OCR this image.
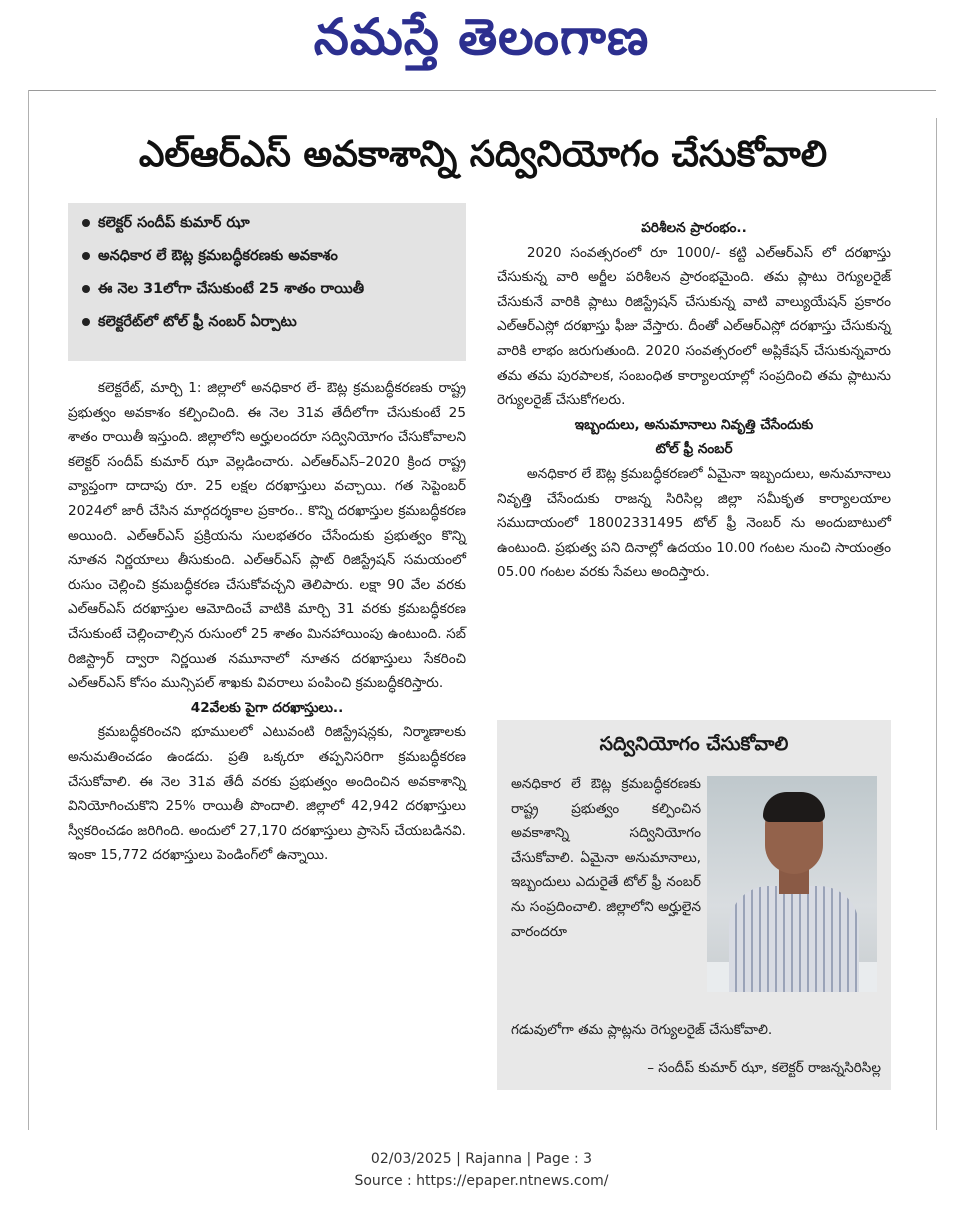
నమస్తే తెలంగాణ
ఎల్‌ఆర్‌ఎస్ అవకాశాన్ని సద్వినియోగం చేసుకోవాలి
కలెక్టర్ సందీప్ కుమార్ ఝా
అనధికార లే ఔట్ల క్రమబద్ధీకరణకు అవకాశం
ఈ నెల 31లోగా చేసుకుంటే 25 శాతం రాయితీ
కలెక్టరేట్‌లో టోల్ ఫ్రీ నంబర్ ఏర్పాటు

కలెక్టరేట్, మార్చి 1: జిల్లాలో అనధికార లే- ఔట్ల క్రమబద్ధీకరణకు రాష్ట్ర ప్రభుత్వం అవకాశం కల్పించింది. ఈ నెల 31వ తేదీలోగా చేసుకుంటే 25 శాతం రాయితీ ఇస్తుంది. జిల్లాలోని అర్హులందరూ సద్వినియోగం చేసుకోవాలని కలెక్టర్ సందీప్ కుమార్ ఝా వెల్లడించారు. ఎల్‌ఆర్‌ఎస్–2020 క్రింద రాష్ట్ర వ్యాప్తంగా దాదాపు రూ. 25 లక్షల దరఖాస్తులు వచ్చాయి. గత సెప్టెంబర్ 2024లో జారీ చేసిన మార్గదర్శకాల ప్రకారం.. కొన్ని దరఖాస్తుల క్రమబద్ధీకరణ అయింది. ఎల్‌ఆర్‌ఎస్ ప్రక్రియను సులభతరం చేసేందుకు ప్రభుత్వం కొన్ని నూతన నిర్ణయాలు తీసుకుంది. ఎల్‌ఆర్‌ఎస్ ప్లాట్ రిజిస్ట్రేషన్ సమయంలో రుసుం చెల్లించి క్రమబద్ధీకరణ చేసుకోవచ్చని తెలిపారు. లక్షా 90 వేల వరకు ఎల్‌ఆర్‌ఎస్ దరఖాస్తుల ఆమోదించే వాటికి మార్చి 31 వరకు క్రమబద్ధీకరణ చేసుకుంటే చెల్లించాల్సిన రుసుంలో 25 శాతం మినహాయింపు ఉంటుంది. సబ్ రిజిస్ట్రార్ ద్వారా నిర్ణయిత నమూనాలో నూతన దరఖాస్తులు సేకరించి ఎల్‌ఆర్‌ఎస్ కోసం మున్సిపల్ శాఖకు వివరాలు పంపించి క్రమబద్ధీకరిస్తారు.

42వేలకు పైగా దరఖాస్తులు..

క్రమబద్ధీకరించని భూములలో ఎటువంటి రిజిస్ట్రేషన్లకు, నిర్మాణాలకు అనుమతించడం ఉండదు. ప్రతి ఒక్కరూ తప్పనిసరిగా క్రమబద్ధీకరణ చేసుకోవాలి. ఈ నెల 31వ తేదీ వరకు ప్రభుత్వం అందించిన అవకాశాన్ని వినియోగించుకొని 25% రాయితీ పొందాలి. జిల్లాలో 42,942 దరఖాస్తులు స్వీకరించడం జరిగింది. అందులో 27,170 దరఖాస్తులు ప్రాసెస్ చేయబడినవి. ఇంకా 15,772 దరఖాస్తులు పెండింగ్‌లో ఉన్నాయి.

పరిశీలన ప్రారంభం..

2020 సంవత్సరంలో రూ 1000/- కట్టి ఎల్‌ఆర్‌ఎస్ లో దరఖాస్తు చేసుకున్న వారి అర్జీల పరిశీలన ప్రారంభమైంది. తమ ప్లాటు రెగ్యులరైజ్ చేసుకునే వారికి ప్లాటు రిజిస్ట్రేషన్ చేసుకున్న వాటి వాల్యుయేషన్ ప్రకారం ఎల్‌ఆర్‌ఎస్లో దరఖాస్తు ఫీజు వేస్తారు. దీంతో ఎల్‌ఆర్‌ఎస్లో దరఖాస్తు చేసుకున్న వారికి లాభం జరుగుతుంది. 2020 సంవత్సరంలో అప్లికేషన్ చేసుకున్నవారు తమ తమ పురపాలక, సంబంధిత కార్యాలయాల్లో సంప్రదించి తమ ప్లాటును రెగ్యులరైజ్ చేసుకోగలరు.

ఇబ్బందులు, అనుమానాలు నివృత్తి చేసేందుకు

టోల్ ఫ్రీ నంబర్

అనధికార లే ఔట్ల క్రమబద్ధీకరణలో ఏమైనా ఇబ్బందులు, అనుమానాలు నివృత్తి చేసేందుకు రాజన్న సిరిసిల్ల జిల్లా సమీకృత కార్యాలయాల సముదాయంలో 18002331495 టోల్ ఫ్రీ నెంబర్ ను అందుబాటులో ఉంటుంది. ప్రభుత్వ పని దినాల్లో ఉదయం 10.00 గంటల నుంచి సాయంత్రం 05.00 గంటల వరకు సేవలు అందిస్తారు.

సద్వినియోగం చేసుకోవాలి
అనధికార లే ఔట్ల క్రమబద్ధీకరణకు రాష్ట్ర ప్రభుత్వం కల్పించిన అవకాశాన్ని సద్వినియోగం చేసుకోవాలి. ఏమైనా అనుమానాలు, ఇబ్బందులు ఎదురైతే టోల్ ఫ్రీ నంబర్ ను సంప్రదించాలి. జిల్లాలోని అర్హులైన వారందరూ
గడువులోగా తమ ప్లాట్లను రెగ్యులరైజ్ చేసుకోవాలి.
– సందీప్ కుమార్ ఝా, కలెక్టర్ రాజన్నసిరిసిల్ల
02/03/2025 | Rajanna | Page : 3
Source : https://epaper.ntnews.com/
